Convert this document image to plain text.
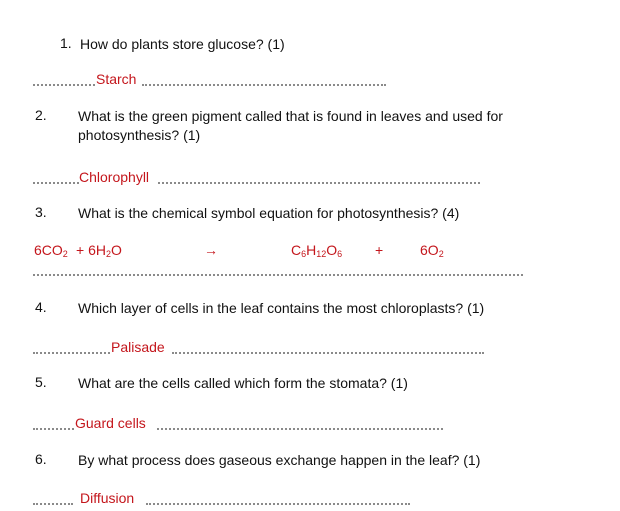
1. How do plants store glucose? (1)
Starch
2. What is the green pigment called that is found in leaves and used for photosynthesis? (1)
Chlorophyll
3. What is the chemical symbol equation for photosynthesis? (4)
$6CO_2 + 6H_2O$	→	$C_6H_{12}O_6$ +	$6O_2$
4. Which layer of cells in the leaf contains the most chloroplasts? (1)
Palisade
5. What are the cells called which form the stomata? (1)
Guard cells
6. By what process does gaseous exchange happen in the leaf? (1)
Diffusion
